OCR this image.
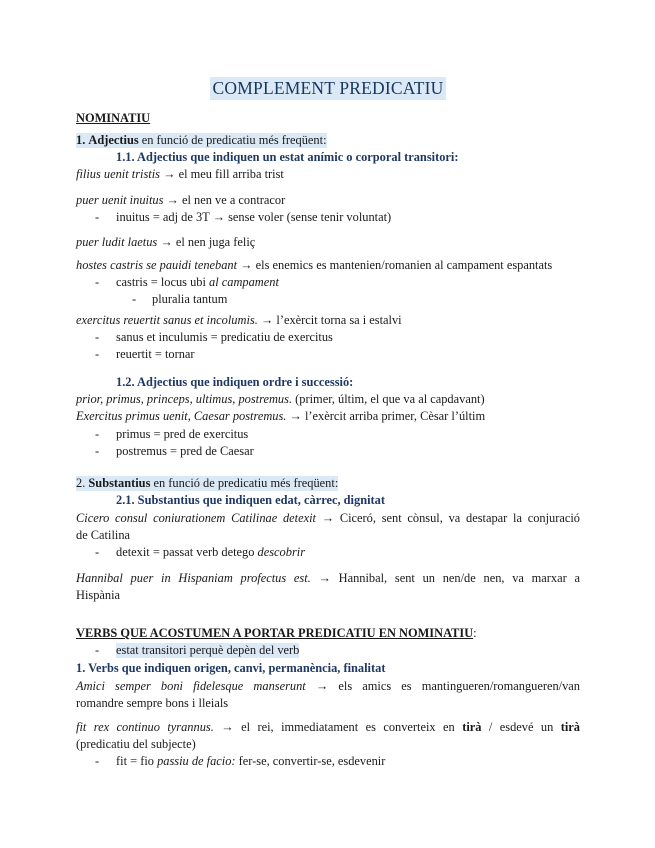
COMPLEMENT PREDICATIU
NOMINATIU
1. Adjectius en funció de predicatiu més freqüent:
1.1. Adjectius que indiquen un estat anímic o corporal transitori:
filius uenit tristis → el meu fill arriba trist
puer uenit inuitus → el nen ve a contracor
- inuitus = adj de 3T → sense voler (sense tenir voluntat)
puer ludit laetus → el nen juga feliç
hostes castris se pauidi tenebant → els enemics es mantenien/romanien al campament espantats
- castris = locus ubi al campament
- pluralia tantum
exercitus reuertit sanus et incolumis. → l’exèrcit torna sa i estalvi
- sanus et inculumis = predicatiu de exercitus
- reuertit = tornar
1.2. Adjectius que indiquen ordre i successió:
prior, primus, princeps, ultimus, postremus. (primer, últim, el que va al capdavant)
Exercitus primus uenit, Caesar postremus. → l’exèrcit arriba primer, Cèsar l’últim
- primus = pred de exercitus
- postremus = pred de Caesar
2. Substantius en funció de predicatiu més freqüent:
2.1. Substantius que indiquen edat, càrrec, dignitat
Cicero consul coniurationem Catilinae detexit → Ciceró, sent cònsul, va destapar la conjuració
de Catilina
- detexit = passat verb detego descobrir
Hannibal puer in Hispaniam profectus est. → Hannibal, sent un nen/de nen, va marxar a
Hispània
VERBS QUE ACOSTUMEN A PORTAR PREDICATIU EN NOMINATIU:
- estat transitori perquè depèn del verb
1. Verbs que indiquen origen, canvi, permanència, finalitat
Amici semper boni fidelesque manserunt → els amics es mantingueren/romangueren/van
romandre sempre bons i lleials
fit rex continuo tyrannus. → el rei, immediatament es converteix en tirà / esdevé un tirà
(predicatiu del subjecte)
- fit = fio passiu de facio: fer-se, convertir-se, esdevenir
